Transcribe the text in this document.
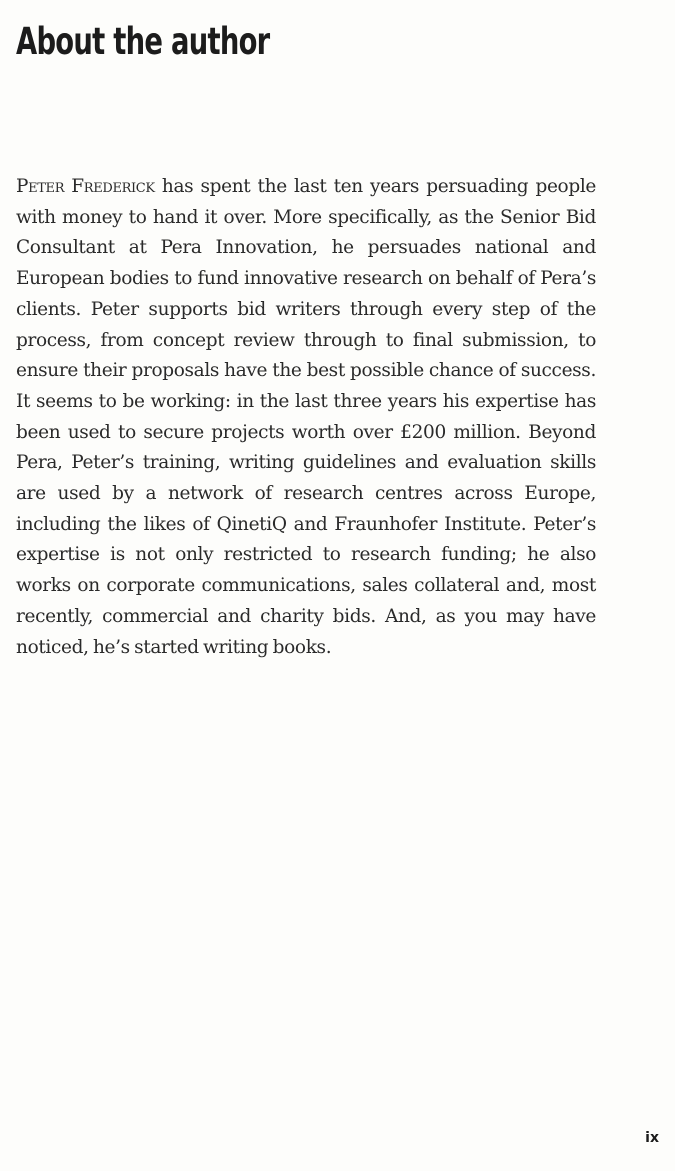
About the author

Peter Frederick has spent the last ten years persuading people with money to hand it over. More specifically, as the Senior Bid Consultant at Pera Innovation, he persuades national and European bodies to fund innovative research on behalf of Pera’s clients. Peter supports bid writers through every step of the process, from concept review through to final submission, to ensure their proposals have the best possible chance of success. It seems to be working: in the last three years his expertise has been used to secure projects worth over £200 million. Beyond Pera, Peter’s training, writing guidelines and evaluation skills are used by a network of research centres across Europe, including the likes of QinetiQ and Fraunhofer Institute. Peter’s expertise is not only restricted to research funding; he also works on corporate communications, sales collateral and, most recently, commercial and charity bids. And, as you may have noticed, he’s started writing books.

ix
